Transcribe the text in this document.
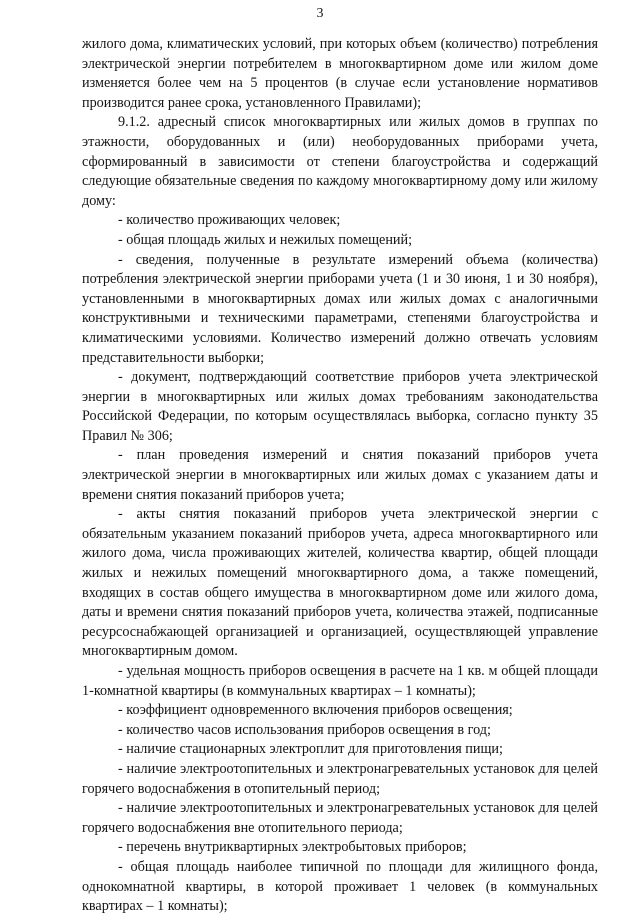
3

жилого дома, климатических условий, при которых объем (количество) потребления электрической энергии потребителем в многоквартирном доме или жилом доме изменяется более чем на 5 процентов (в случае если установление нормативов производится ранее срока, установленного Правилами);

9.1.2. адресный список многоквартирных или жилых домов в группах по этажности, оборудованных и (или) необорудованных приборами учета, сформированный в зависимости от степени благоустройства и содержащий следующие обязательные сведения по каждому многоквартирному дому или жилому дому:

- количество проживающих человек;

- общая площадь жилых и нежилых помещений;

- сведения, полученные в результате измерений объема (количества) потребления электрической энергии приборами учета (1 и 30 июня, 1 и 30 ноября), установленными в многоквартирных домах или жилых домах с аналогичными конструктивными и техническими параметрами, степенями благоустройства и климатическими условиями. Количество измерений должно отвечать условиям представительности выборки;

- документ, подтверждающий соответствие приборов учета электрической энергии в многоквартирных или жилых домах требованиям законодательства Российской Федерации, по которым осуществлялась выборка, согласно пункту 35 Правил № 306;

- план проведения измерений и снятия показаний приборов учета электрической энергии в многоквартирных или жилых домах с указанием даты и времени снятия показаний приборов учета;

- акты снятия показаний приборов учета электрической энергии с обязательным указанием показаний приборов учета, адреса многоквартирного или жилого дома, числа проживающих жителей, количества квартир, общей площади жилых и нежилых помещений многоквартирного дома, а также помещений, входящих в состав общего имущества в многоквартирном доме или жилого дома, даты и времени снятия показаний приборов учета, количества этажей, подписанные ресурсоснабжающей организацией и организацией, осуществляющей управление многоквартирным домом.

- удельная мощность приборов освещения в расчете на 1 кв. м общей площади 1-комнатной квартиры (в коммунальных квартирах – 1 комнаты);

- коэффициент одновременного включения приборов освещения;

- количество часов использования приборов освещения в год;

- наличие стационарных электроплит для приготовления пищи;

- наличие электроотопительных и электронагревательных установок для целей горячего водоснабжения в отопительный период;

- наличие электроотопительных и электронагревательных установок для целей горячего водоснабжения вне отопительного периода;

- перечень внутриквартирных электробытовых приборов;

- общая площадь наиболее типичной по площади для жилищного фонда, однокомнатной квартиры, в которой проживает 1 человек (в коммунальных квартирах – 1 комнаты);
